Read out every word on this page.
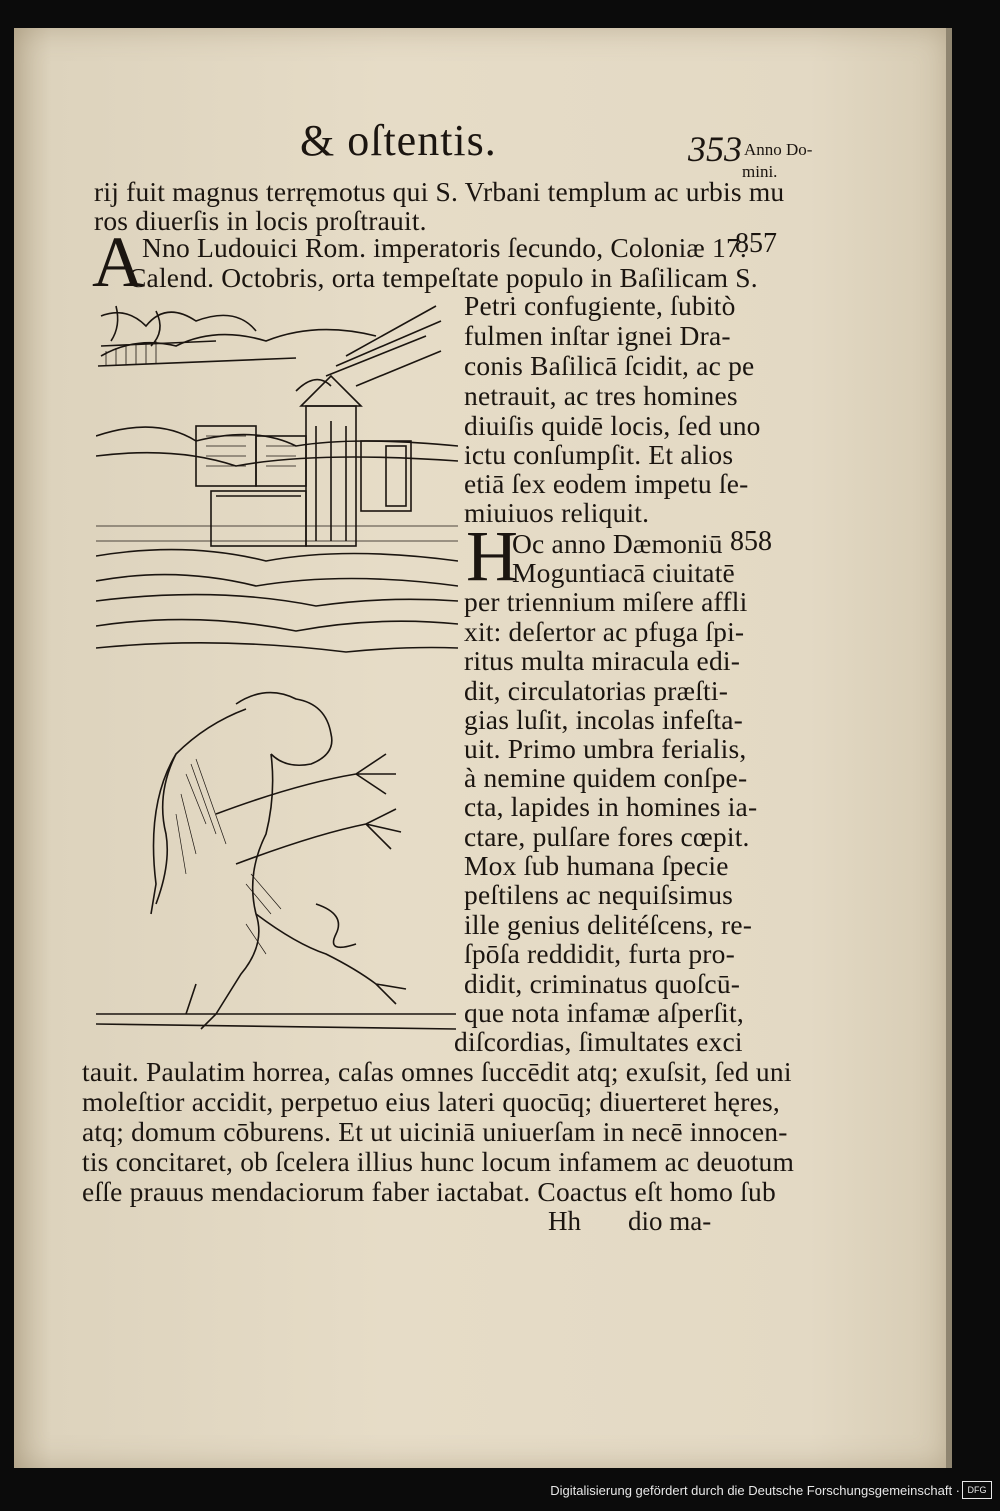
& oſtentis.	353 Anno Do-
mini.
rij fuit magnus terręmotus qui S. Vrbani templum ac urbis mu
ros diuerſis in locis proſtrauit.
A
Nno Ludouici Rom. imperatoris ſecundo, Coloniæ 17.
857
Calend. Octobris, orta tempeſtate populo in Baſilicam S.
Petri confugiente, ſubitò
fulmen inſtar ignei Dra-
conis Baſilicā ſcidit, ac pe
netrauit, ac tres homines
diuiſis quidē locis, ſed uno
ictu conſumpſit. Et alios
etiā ſex eodem impetu ſe-
miuiuos reliquit.
H
Oc anno Dæmoniū 858
Moguntiacā ciuitatē
per triennium miſere affli
xit: deſertor ac pfuga ſpi-
ritus multa miracula edi-
dit, circulatorias præſti-
gias luſit, incolas infeſta-
uit. Primo umbra ferialis,
à nemine quidem conſpe-
cta, lapides in homines ia-
ctare, pulſare fores cœpit.
Mox ſub humana ſpecie
peſtilens ac nequiſsimus
ille genius delitéſcens, re-
ſpōſa reddidit, furta pro-
didit, criminatus quoſcū-
que nota infamæ aſperſit,
diſcordias, ſimultates exci
tauit. Paulatim horrea, caſas omnes ſuccēdit atq; exuſsit, ſed uni
moleſtior accidit, perpetuo eius lateri quocūq; diuerteret hęres,
atq; domum cōburens. Et ut uiciniā uniuerſam in necē innocen-
tis concitaret, ob ſcelera illius hunc locum infamem ac deuotum
eſſe prauus mendaciorum faber iactabat. Coactus eſt homo ſub
Hh dio ma-
Digitalisierung gefördert durch die Deutsche Forschungsgemeinschaft · DFG
